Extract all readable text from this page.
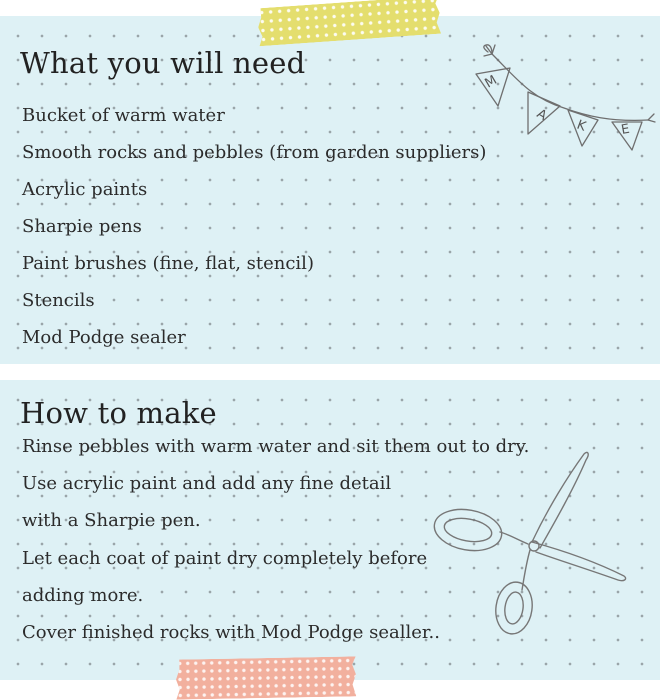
What you will need
Bucket of warm water
Smooth rocks and pebbles (from garden suppliers)
Acrylic paints
Sharpie pens
Paint brushes (fine, flat, stencil)
Stencils
Mod Podge sealer
M
A
K E
How to make
Rinse pebbles with warm water and sit them out to dry.
Use acrylic paint and add any fine detail
with a Sharpie pen.
Let each coat of paint dry completely before
adding more.
Cover finished rocks with Mod Podge sealler..
